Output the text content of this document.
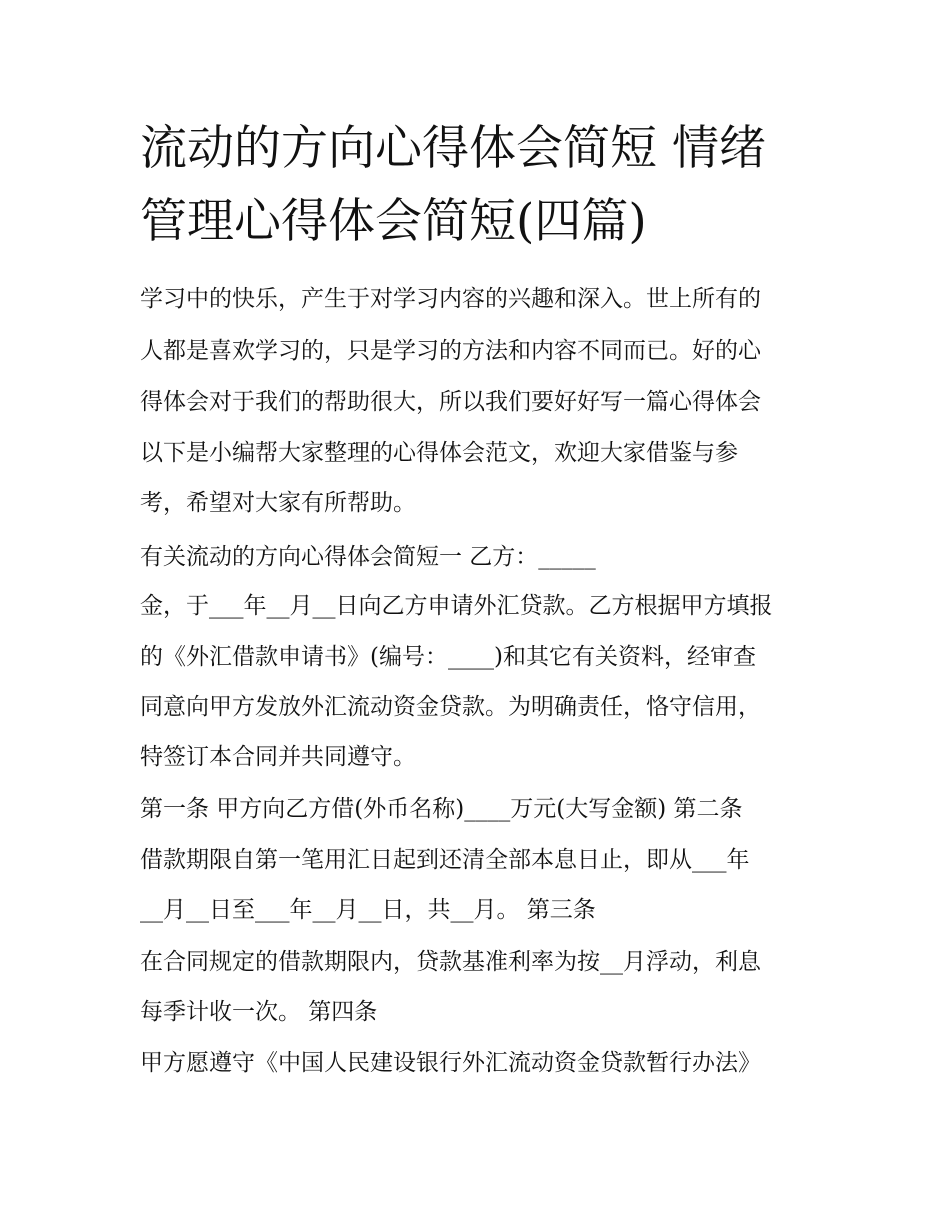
流动的方向心得体会简短 情绪
管理心得体会简短(四篇)

学习中的快乐，产生于对学习内容的兴趣和深入。世上所有的

人都是喜欢学习的，只是学习的方法和内容不同而已。好的心

得体会对于我们的帮助很大，所以我们要好好写一篇心得体会

以下是小编帮大家整理的心得体会范文，欢迎大家借鉴与参

考，希望对大家有所帮助。

有关流动的方向心得体会简短一 乙方：_____

金，于___年__月__日向乙方申请外汇贷款。乙方根据甲方填报

的《外汇借款申请书》(编号：____)和其它有关资料，经审查

同意向甲方发放外汇流动资金贷款。为明确责任，恪守信用，

特签订本合同并共同遵守。

第一条 甲方向乙方借(外币名称)____万元(大写金额) 第二条

借款期限自第一笔用汇日起到还清全部本息日止，即从___年

__月__日至___年__月__日，共__月。 第三条

在合同规定的借款期限内，贷款基准利率为按__月浮动，利息

每季计收一次。 第四条

甲方愿遵守《中国人民建设银行外汇流动资金贷款暂行办法》
